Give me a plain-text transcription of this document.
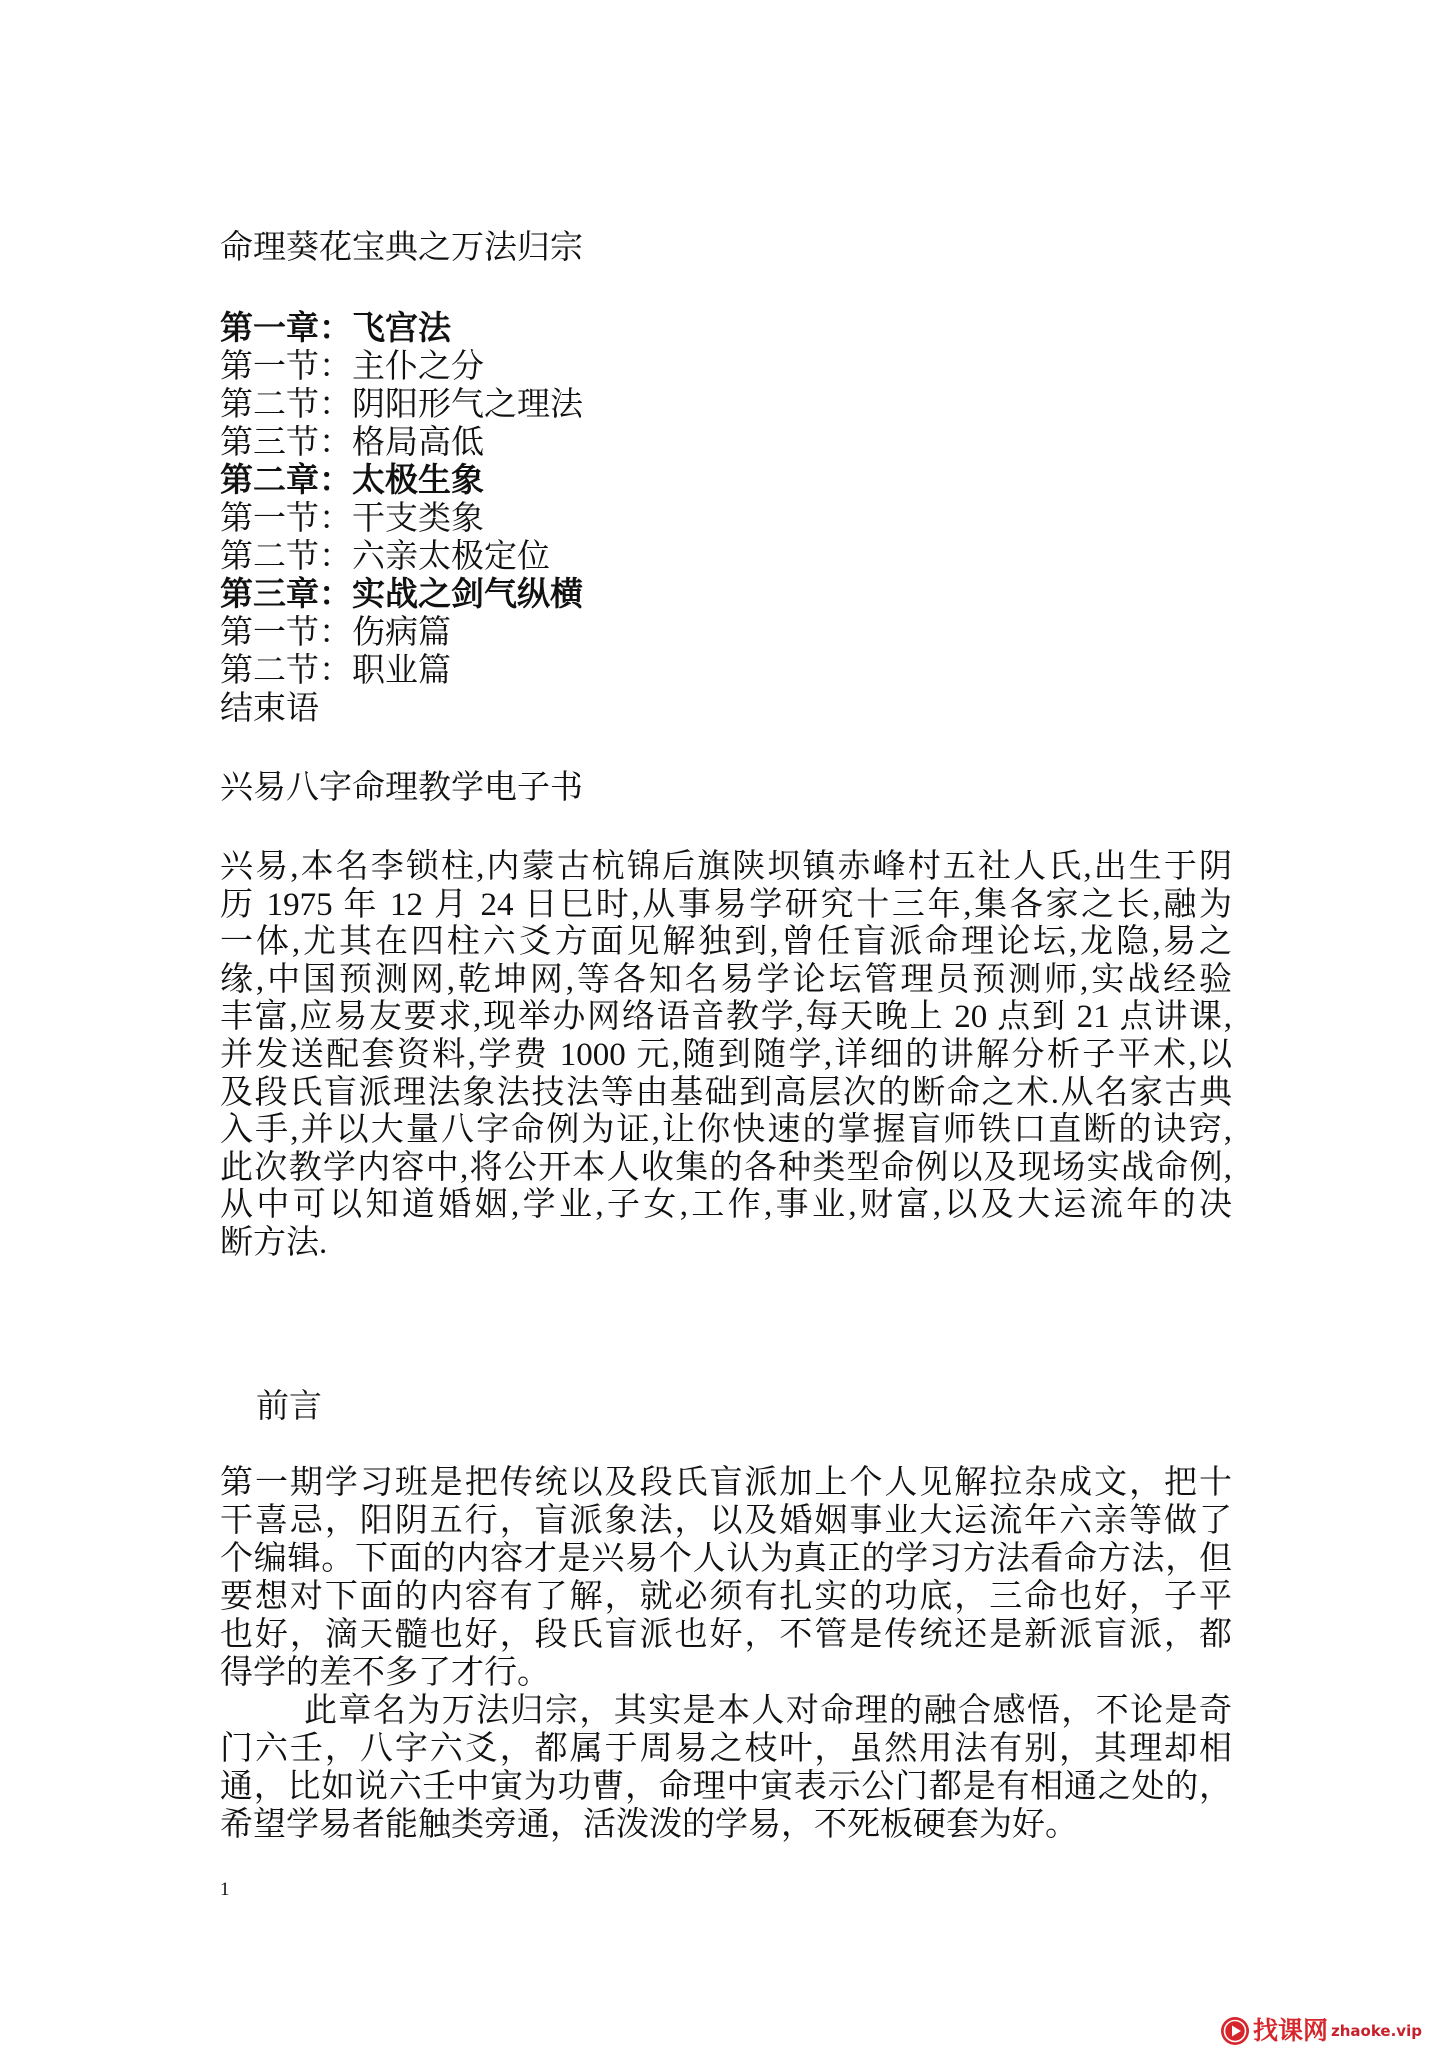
命理葵花宝典之万法归宗
第一章：飞宫法
第一节：主仆之分
第二节：阴阳形气之理法
第三节：格局高低
第二章：太极生象
第一节：干支类象
第二节：六亲太极定位
第三章：实战之剑气纵横
第一节：伤病篇
第二节：职业篇
结束语
兴易八字命理教学电子书
兴易,本名李锁柱,内蒙古杭锦后旗陕坝镇赤峰村五社人氏,出生于阴
历 1975 年 12 月 24 日巳时,从事易学研究十三年,集各家之长,融为
一体,尤其在四柱六爻方面见解独到,曾任盲派命理论坛,龙隐,易之
缘,中国预测网,乾坤网,等各知名易学论坛管理员预测师,实战经验
丰富,应易友要求,现举办网络语音教学,每天晚上 20 点到 21 点讲课,
并发送配套资料,学费 1000 元,随到随学,详细的讲解分析子平术,以
及段氏盲派理法象法技法等由基础到高层次的断命之术.从名家古典
入手,并以大量八字命例为证,让你快速的掌握盲师铁口直断的诀窍,
此次教学内容中,将公开本人收集的各种类型命例以及现场实战命例,
从中可以知道婚姻,学业,子女,工作,事业,财富,以及大运流年的决
断方法.
前言
第一期学习班是把传统以及段氏盲派加上个人见解拉杂成文，把十
干喜忌，阳阴五行，盲派象法，以及婚姻事业大运流年六亲等做了
个编辑。下面的内容才是兴易个人认为真正的学习方法看命方法，但
要想对下面的内容有了解，就必须有扎实的功底，三命也好，子平
也好，滴天髓也好，段氏盲派也好，不管是传统还是新派盲派，都
得学的差不多了才行。
此章名为万法归宗，其实是本人对命理的融合感悟，不论是奇
门六壬，八字六爻，都属于周易之枝叶，虽然用法有别，其理却相
通，比如说六壬中寅为功曹，命理中寅表示公门都是有相通之处的，
希望学易者能触类旁通，活泼泼的学易，不死板硬套为好。
1
找课网 zhaoke.vip
